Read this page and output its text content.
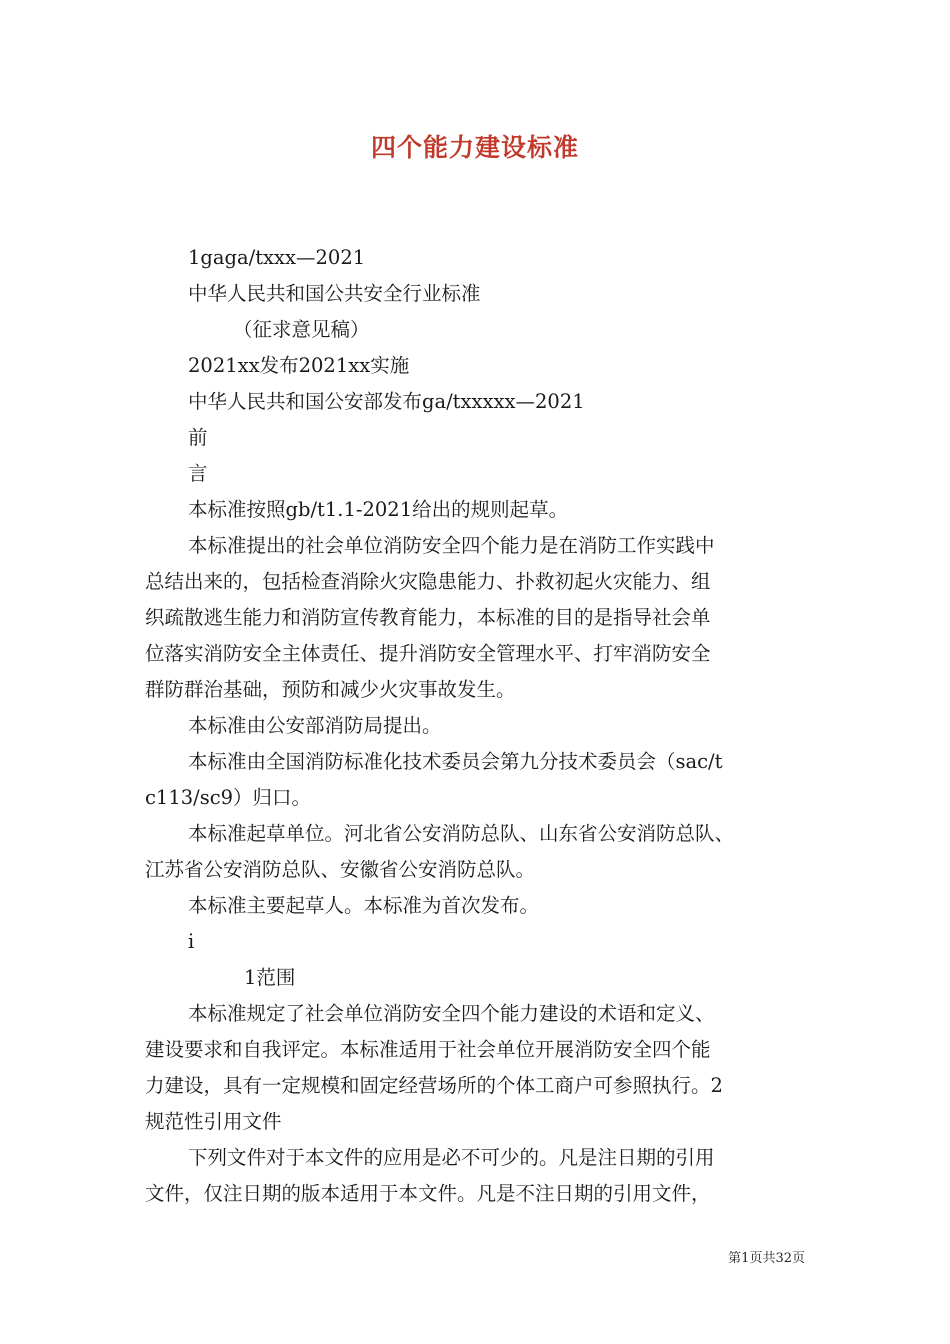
四个能力建设标准
1gaga/txxx—2021
中华人民共和国公共安全行业标准
（征求意见稿）
2021xx发布2021xx实施
中华人民共和国公安部发布ga/txxxxx—2021
前
言
本标准按照gb/t1.1-2021给出的规则起草。
本标准提出的社会单位消防安全四个能力是在消防工作实践中
总结出来的，包括检查消除火灾隐患能力、扑救初起火灾能力、组
织疏散逃生能力和消防宣传教育能力，本标准的目的是指导社会单
位落实消防安全主体责任、提升消防安全管理水平、打牢消防安全
群防群治基础，预防和减少火灾事故发生。
本标准由公安部消防局提出。
本标准由全国消防标准化技术委员会第九分技术委员会（sac/t
c113/sc9）归口。
本标准起草单位。河北省公安消防总队、山东省公安消防总队、
江苏省公安消防总队、安徽省公安消防总队。
本标准主要起草人。本标准为首次发布。
i
1范围
本标准规定了社会单位消防安全四个能力建设的术语和定义、
建设要求和自我评定。本标准适用于社会单位开展消防安全四个能
力建设，具有一定规模和固定经营场所的个体工商户可参照执行。2
规范性引用文件
下列文件对于本文件的应用是必不可少的。凡是注日期的引用
文件，仅注日期的版本适用于本文件。凡是不注日期的引用文件，
第1页共32页
